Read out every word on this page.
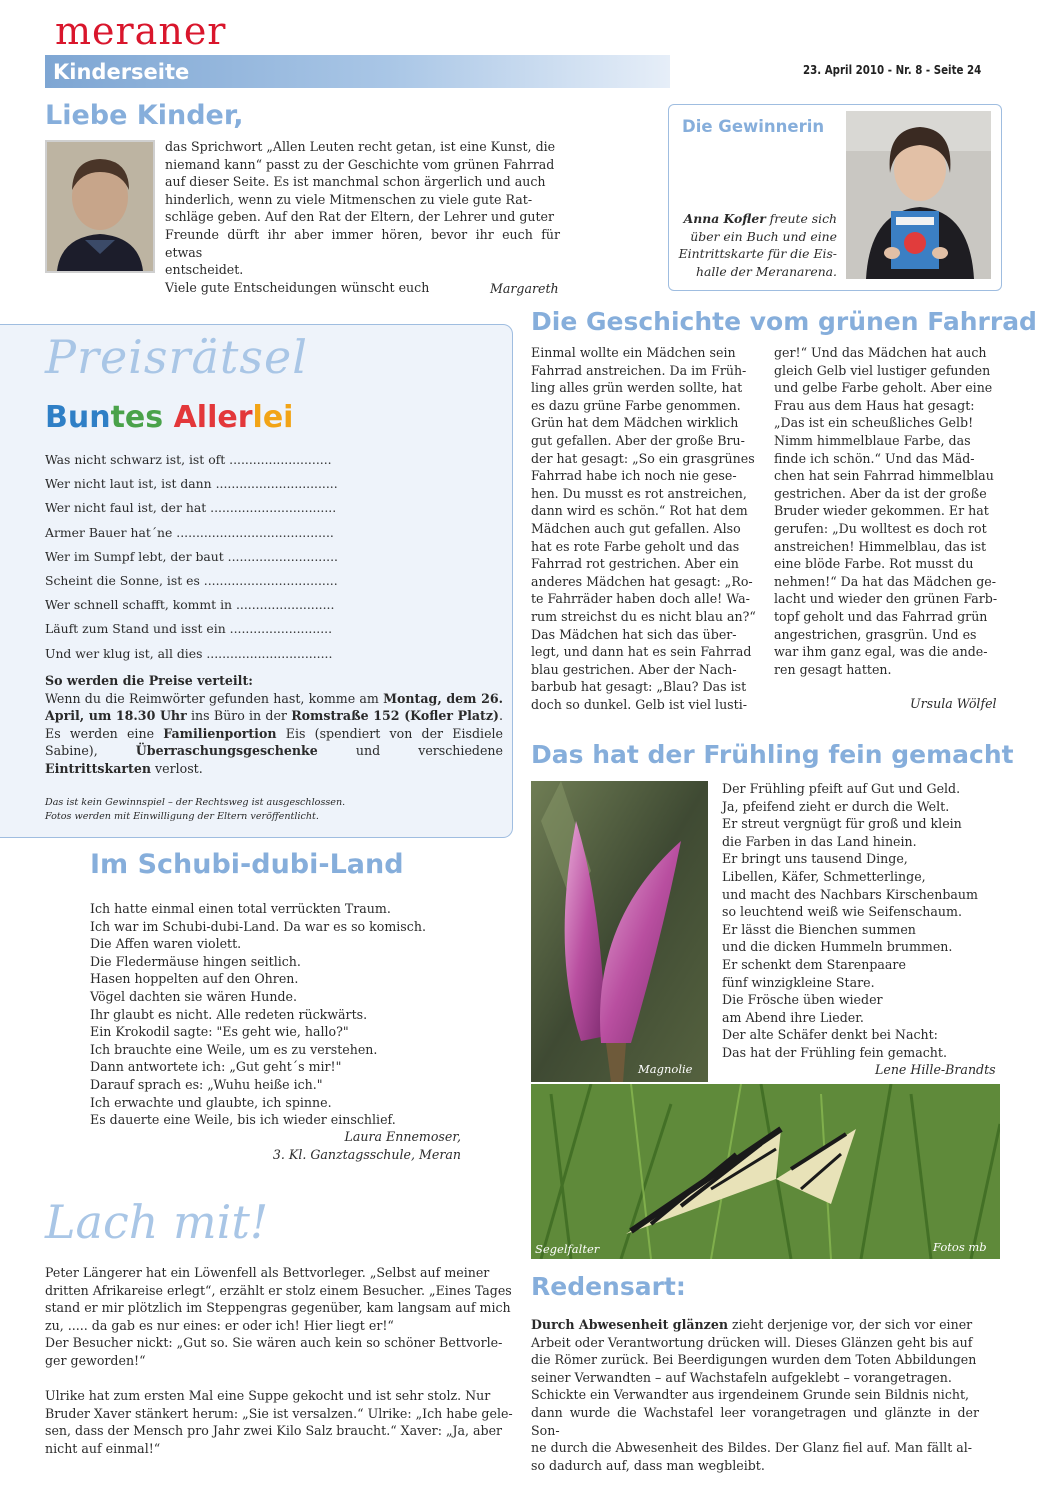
meraner
Kinderseite	23. April 2010 - Nr. 8 - Seite 24
Liebe Kinder,
das Sprichwort „Allen Leuten recht getan, ist eine Kunst, die
niemand kann“ passt zu der Geschichte vom grünen Fahrrad
auf dieser Seite. Es ist manchmal schon ärgerlich und auch
hinderlich, wenn zu viele Mitmenschen zu viele gute Rat-
schläge geben. Auf den Rat der Eltern, der Lehrer und guter
Freunde dürft ihr aber immer hören, bevor ihr euch für etwas
entscheidet.
Viele gute Entscheidungen wünscht euch	Margareth
Die Gewinnerin
Anna Kofler freute sich
über ein Buch und eine
Eintrittskarte für die Eis-
halle der Meranarena.
Preisrätsel
Buntes Allerlei
Was nicht schwarz ist, ist oft ..........................
Wer nicht laut ist, ist dann ...............................
Wer nicht faul ist, der hat ................................
Armer Bauer hat´ne ........................................
Wer im Sumpf lebt, der baut ............................
Scheint die Sonne, ist es ..................................
Wer schnell schafft, kommt in .........................
Läuft zum Stand und isst ein ..........................
Und wer klug ist, all dies ................................
So werden die Preise verteilt:
Wenn du die Reimwörter gefunden hast, komme am Montag, dem 26. April, um 18.30 Uhr ins Büro in der Romstraße 152 (Kofler Platz). Es werden eine Familienportion Eis (spendiert von der Eisdiele Sabine), Überraschungsgeschenke und verschiedene Eintrittskarten verlost.
Das ist kein Gewinnspiel – der Rechtsweg ist ausgeschlossen.
Fotos werden mit Einwilligung der Eltern veröffentlicht.
Im Schubi-dubi-Land
Ich hatte einmal einen total verrückten Traum.
Ich war im Schubi-dubi-Land. Da war es so komisch.
Die Affen waren violett.
Die Fledermäuse hingen seitlich.
Hasen hoppelten auf den Ohren.
Vögel dachten sie wären Hunde.
Ihr glaubt es nicht. Alle redeten rückwärts.
Ein Krokodil sagte: "Es geht wie, hallo?"
Ich brauchte eine Weile, um es zu verstehen.
Dann antwortete ich: „Gut geht´s mir!"
Darauf sprach es: „Wuhu heiße ich."
Ich erwachte und glaubte, ich spinne.
Es dauerte eine Weile, bis ich wieder einschlief.
Laura Ennemoser,
3. Kl. Ganztagsschule, Meran
Lach mit!
Peter Längerer hat ein Löwenfell als Bettvorleger. „Selbst auf meiner
dritten Afrikareise erlegt“, erzählt er stolz einem Besucher. „Eines Tages
stand er mir plötzlich im Steppengras gegenüber, kam langsam auf mich
zu, ..... da gab es nur eines: er oder ich! Hier liegt er!“
Der Besucher nickt: „Gut so. Sie wären auch kein so schöner Bettvorle-
ger geworden!“
Ulrike hat zum ersten Mal eine Suppe gekocht und ist sehr stolz. Nur
Bruder Xaver stänkert herum: „Sie ist versalzen.“ Ulrike: „Ich habe gele-
sen, dass der Mensch pro Jahr zwei Kilo Salz braucht.“ Xaver: „Ja, aber
nicht auf einmal!“
Die Geschichte vom grünen Fahrrad
Einmal wollte ein Mädchen sein
Fahrrad anstreichen. Da im Früh-
ling alles grün werden sollte, hat
es dazu grüne Farbe genommen.
Grün hat dem Mädchen wirklich
gut gefallen. Aber der große Bru-
der hat gesagt: „So ein grasgrünes
Fahrrad habe ich noch nie gese-
hen. Du musst es rot anstreichen,
dann wird es schön.“ Rot hat dem
Mädchen auch gut gefallen. Also
hat es rote Farbe geholt und das
Fahrrad rot gestrichen. Aber ein
anderes Mädchen hat gesagt: „Ro-
te Fahrräder haben doch alle! Wa-
rum streichst du es nicht blau an?“
Das Mädchen hat sich das über-
legt, und dann hat es sein Fahrrad
blau gestrichen. Aber der Nach-
barbub hat gesagt: „Blau? Das ist
doch so dunkel. Gelb ist viel lusti-
ger!“ Und das Mädchen hat auch
gleich Gelb viel lustiger gefunden
und gelbe Farbe geholt. Aber eine
Frau aus dem Haus hat gesagt:
„Das ist ein scheußliches Gelb!
Nimm himmelblaue Farbe, das
finde ich schön.“ Und das Mäd-
chen hat sein Fahrrad himmelblau
gestrichen. Aber da ist der große
Bruder wieder gekommen. Er hat
gerufen: „Du wolltest es doch rot
anstreichen! Himmelblau, das ist
eine blöde Farbe. Rot musst du
nehmen!“ Da hat das Mädchen ge-
lacht und wieder den grünen Farb-
topf geholt und das Fahrrad grün
angestrichen, grasgrün. Und es
war ihm ganz egal, was die ande-
ren gesagt hatten.
Ursula Wölfel
Das hat der Frühling fein gemacht
Magnolie
Der Frühling pfeift auf Gut und Geld.
Ja, pfeifend zieht er durch die Welt.
Er streut vergnügt für groß und klein
die Farben in das Land hinein.
Er bringt uns tausend Dinge,
Libellen, Käfer, Schmetterlinge,
und macht des Nachbars Kirschenbaum
so leuchtend weiß wie Seifenschaum.
Er lässt die Bienchen summen
und die dicken Hummeln brummen.
Er schenkt dem Starenpaare
fünf winzigkleine Stare.
Die Frösche üben wieder
am Abend ihre Lieder.
Der alte Schäfer denkt bei Nacht:
Das hat der Frühling fein gemacht.
Lene Hille-Brandts
Segelfalter	Fotos mb
Redensart:
Durch Abwesenheit glänzen zieht derjenige vor, der sich vor einer
Arbeit oder Verantwortung drücken will. Dieses Glänzen geht bis auf
die Römer zurück. Bei Beerdigungen wurden dem Toten Abbildungen
seiner Verwandten – auf Wachstafeln aufgeklebt – vorangetragen.
Schickte ein Verwandter aus irgendeinem Grunde sein Bildnis nicht,
dann wurde die Wachstafel leer vorangetragen und glänzte in der Son-
ne durch die Abwesenheit des Bildes. Der Glanz fiel auf. Man fällt al-
so dadurch auf, dass man wegbleibt.
